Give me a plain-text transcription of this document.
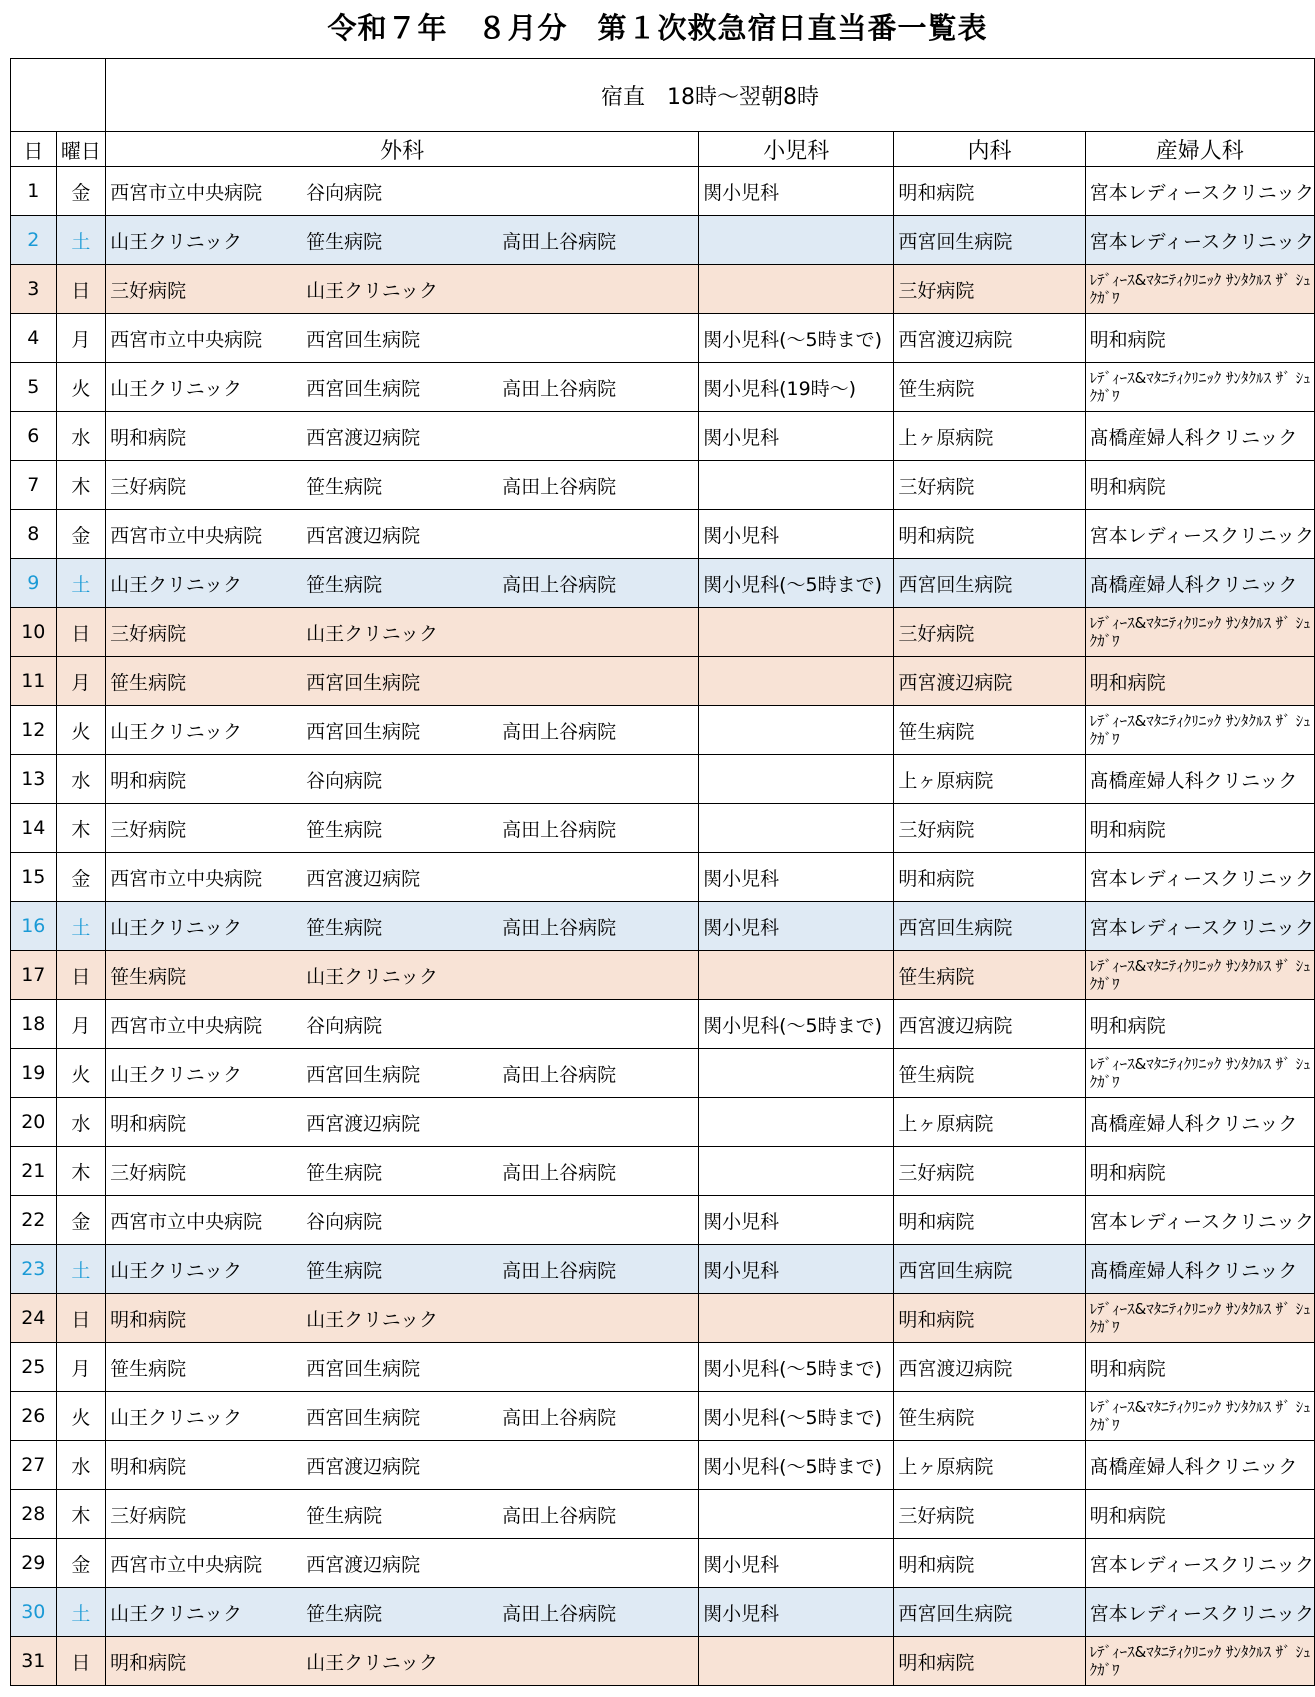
令和７年　８月分　第１次救急宿日直当番一覧表
		宿直　18時～翌朝8時			
日	曜日	外科	小児科	内科	産婦人科
1	金	西宮市立中央病院 谷向病院	関小児科	明和病院	宮本レディースクリニック
2	土	山王クリニック 笹生病院 高田上谷病院		西宮回生病院	宮本レディースクリニック
3	日	三好病院 山王クリニック		三好病院	ﾚﾃﾞｨｰｽ&ﾏﾀﾆﾃｨｸﾘﾆｯｸ ｻﾝﾀｸﾙｽ ｻﾞ ｼｭｸｶﾞﾜ
4	月	西宮市立中央病院 西宮回生病院	関小児科(～5時まで)	西宮渡辺病院	明和病院
5	火	山王クリニック 西宮回生病院 高田上谷病院	関小児科(19時～)	笹生病院	ﾚﾃﾞｨｰｽ&ﾏﾀﾆﾃｨｸﾘﾆｯｸ ｻﾝﾀｸﾙｽ ｻﾞ ｼｭｸｶﾞﾜ
6	水	明和病院 西宮渡辺病院	関小児科	上ヶ原病院	髙橋産婦人科クリニック
7	木	三好病院 笹生病院 高田上谷病院		三好病院	明和病院
8	金	西宮市立中央病院 西宮渡辺病院	関小児科	明和病院	宮本レディースクリニック
9	土	山王クリニック 笹生病院 高田上谷病院	関小児科(～5時まで)	西宮回生病院	髙橋産婦人科クリニック
10	日	三好病院 山王クリニック		三好病院	ﾚﾃﾞｨｰｽ&ﾏﾀﾆﾃｨｸﾘﾆｯｸ ｻﾝﾀｸﾙｽ ｻﾞ ｼｭｸｶﾞﾜ
11	月	笹生病院 西宮回生病院		西宮渡辺病院	明和病院
12	火	山王クリニック 西宮回生病院 高田上谷病院		笹生病院	ﾚﾃﾞｨｰｽ&ﾏﾀﾆﾃｨｸﾘﾆｯｸ ｻﾝﾀｸﾙｽ ｻﾞ ｼｭｸｶﾞﾜ
13	水	明和病院 谷向病院		上ヶ原病院	髙橋産婦人科クリニック
14	木	三好病院 笹生病院 高田上谷病院		三好病院	明和病院
15	金	西宮市立中央病院 西宮渡辺病院	関小児科	明和病院	宮本レディースクリニック
16	土	山王クリニック 笹生病院 高田上谷病院	関小児科	西宮回生病院	宮本レディースクリニック
17	日	笹生病院 山王クリニック		笹生病院	ﾚﾃﾞｨｰｽ&ﾏﾀﾆﾃｨｸﾘﾆｯｸ ｻﾝﾀｸﾙｽ ｻﾞ ｼｭｸｶﾞﾜ
18	月	西宮市立中央病院 谷向病院	関小児科(～5時まで)	西宮渡辺病院	明和病院
19	火	山王クリニック 西宮回生病院 高田上谷病院		笹生病院	ﾚﾃﾞｨｰｽ&ﾏﾀﾆﾃｨｸﾘﾆｯｸ ｻﾝﾀｸﾙｽ ｻﾞ ｼｭｸｶﾞﾜ
20	水	明和病院 西宮渡辺病院		上ヶ原病院	髙橋産婦人科クリニック
21	木	三好病院 笹生病院 高田上谷病院		三好病院	明和病院
22	金	西宮市立中央病院 谷向病院	関小児科	明和病院	宮本レディースクリニック
23	土	山王クリニック 笹生病院 高田上谷病院	関小児科	西宮回生病院	髙橋産婦人科クリニック
24	日	明和病院 山王クリニック		明和病院	ﾚﾃﾞｨｰｽ&ﾏﾀﾆﾃｨｸﾘﾆｯｸ ｻﾝﾀｸﾙｽ ｻﾞ ｼｭｸｶﾞﾜ
25	月	笹生病院 西宮回生病院	関小児科(～5時まで)	西宮渡辺病院	明和病院
26	火	山王クリニック 西宮回生病院 高田上谷病院	関小児科(～5時まで)	笹生病院	ﾚﾃﾞｨｰｽ&ﾏﾀﾆﾃｨｸﾘﾆｯｸ ｻﾝﾀｸﾙｽ ｻﾞ ｼｭｸｶﾞﾜ
27	水	明和病院 西宮渡辺病院	関小児科(～5時まで)	上ヶ原病院	髙橋産婦人科クリニック
28	木	三好病院 笹生病院 高田上谷病院		三好病院	明和病院
29	金	西宮市立中央病院 西宮渡辺病院	関小児科	明和病院	宮本レディースクリニック
30	土	山王クリニック 笹生病院 高田上谷病院	関小児科	西宮回生病院	宮本レディースクリニック
31	日	明和病院 山王クリニック		明和病院	ﾚﾃﾞｨｰｽ&ﾏﾀﾆﾃｨｸﾘﾆｯｸ ｻﾝﾀｸﾙｽ ｻﾞ ｼｭｸｶﾞﾜ
